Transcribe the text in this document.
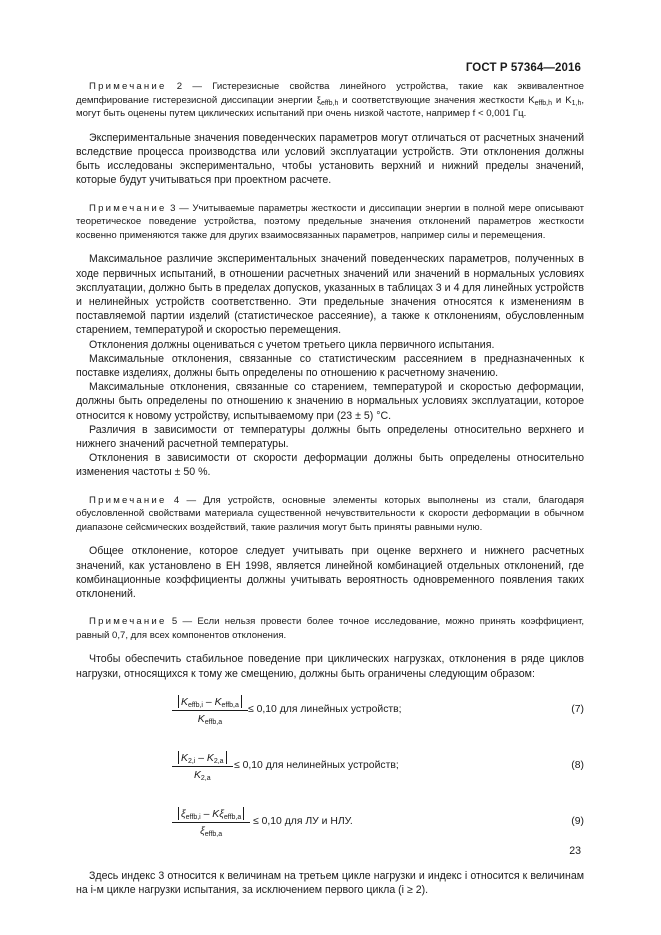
ГОСТ Р 57364—2016

Примечание 2 — Гистерезисные свойства линейного устройства, такие как эквивалентное демпфирование гистерезисной диссипации энергии $\xi_{effb,h}$ и соответствующие значения жесткости $K_{effb,h}$ и $K_{1,h}$, могут быть оценены путем циклических испытаний при очень низкой частоте, например f < 0,001 Гц.

Экспериментальные значения поведенческих параметров могут отличаться от расчетных значений вследствие процесса производства или условий эксплуатации устройств. Эти отклонения должны быть исследованы экспериментально, чтобы установить верхний и нижний пределы значений, которые будут учитываться при проектном расчете.

Примечание 3 — Учитываемые параметры жесткости и диссипации энергии в полной мере описывают теоретическое поведение устройства, поэтому предельные значения отклонений параметров жесткости косвенно применяются также для других взаимосвязанных параметров, например силы и перемещения.

Максимальное различие экспериментальных значений поведенческих параметров, полученных в ходе первичных испытаний, в отношении расчетных значений или значений в нормальных условиях эксплуатации, должно быть в пределах допусков, указанных в таблицах 3 и 4 для линейных устройств и нелинейных устройств соответственно. Эти предельные значения относятся к изменениям в поставляемой партии изделий (статистическое рассеяние), а также к отклонениям, обусловленным старением, температурой и скоростью перемещения.

Отклонения должны оцениваться с учетом третьего цикла первичного испытания.

Максимальные отклонения, связанные со статистическим рассеянием в предназначенных к поставке изделиях, должны быть определены по отношению к расчетному значению.

Максимальные отклонения, связанные со старением, температурой и скоростью деформации, должны быть определены по отношению к значению в нормальных условиях эксплуатации, которое относится к новому устройству, испытываемому при (23 ± 5) °С.

Различия в зависимости от температуры должны быть определены относительно верхнего и нижнего значений расчетной температуры.

Отклонения в зависимости от скорости деформации должны быть определены относительно изменения частоты ± 50 %.

Примечание 4 — Для устройств, основные элементы которых выполнены из стали, благодаря обусловленной свойствами материала существенной нечувствительности к скорости деформации в обычном диапазоне сейсмических воздействий, такие различия могут быть приняты равными нулю.

Общее отклонение, которое следует учитывать при оценке верхнего и нижнего расчетных значений, как установлено в ЕН 1998, является линейной комбинацией отдельных отклонений, где комбинационные коэффициенты должны учитывать вероятность одновременного появления таких отклонений.

Примечание 5 — Если нельзя провести более точное исследование, можно принять коэффициент, равный 0,7, для всех компонентов отклонения.

Чтобы обеспечить стабильное поведение при циклических нагрузках, отклонения в ряде циклов нагрузки, относящихся к тому же смещению, должны быть ограничены следующим образом:

$K_{effb,i} - K_{effb,a}$
$K_{effb,a}$
≤ 0,10 для линейных устройств;	(7)
$\frac{K_{2,i} - K_{2,a}}{K_{2,a}} \le 0,10$ для нелинейных устройств;	(8)
$\xi_{effb,i} - K\xi_{effb,a}$
$\xi_{effb,a}$
≤ 0,10 для ЛУ и НЛУ.	(9)

Здесь индекс 3 относится к величинам на третьем цикле нагрузки и индекс i относится к величинам на i-м цикле нагрузки испытания, за исключением первого цикла (i ≥ 2).

23
